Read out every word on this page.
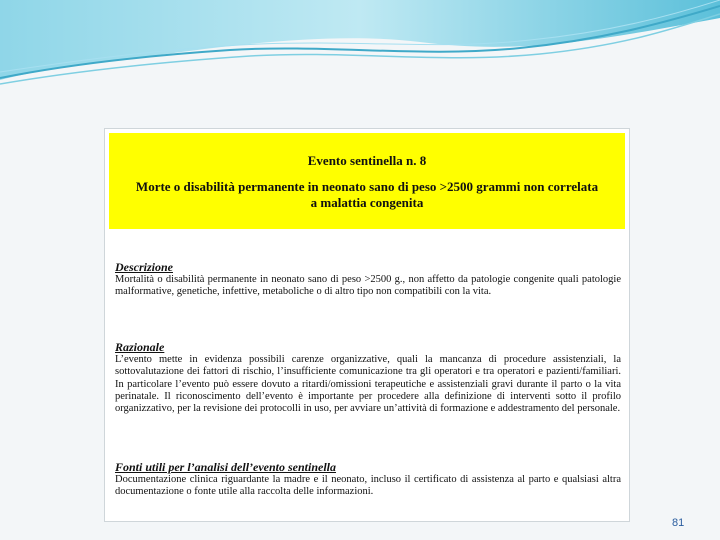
Evento sentinella n. 8
Morte o disabilità permanente in neonato sano di peso >2500 grammi non correlata a malattia congenita
Descrizione
Mortalità o disabilità permanente in neonato sano di peso >2500 g., non affetto da patologie congenite quali patologie malformative, genetiche, infettive, metaboliche o di altro tipo non compatibili con la vita.
Razionale
L’evento mette in evidenza possibili carenze organizzative, quali la mancanza di procedure assistenziali, la sottovalutazione dei fattori di rischio, l’insufficiente comunicazione tra gli operatori e tra operatori e pazienti/familiari. In particolare l’evento può essere dovuto a ritardi/omissioni terapeutiche e assistenziali gravi durante il parto o la vita perinatale. Il riconoscimento dell’evento è importante per procedere alla definizione di interventi sotto il profilo organizzativo, per la revisione dei protocolli in uso, per avviare un’attività di formazione e addestramento del personale.
Fonti utili per l’analisi dell’evento sentinella
Documentazione clinica riguardante la madre e il neonato, incluso il certificato di assistenza al parto e qualsiasi altra documentazione o fonte utile alla raccolta delle informazioni.
81
